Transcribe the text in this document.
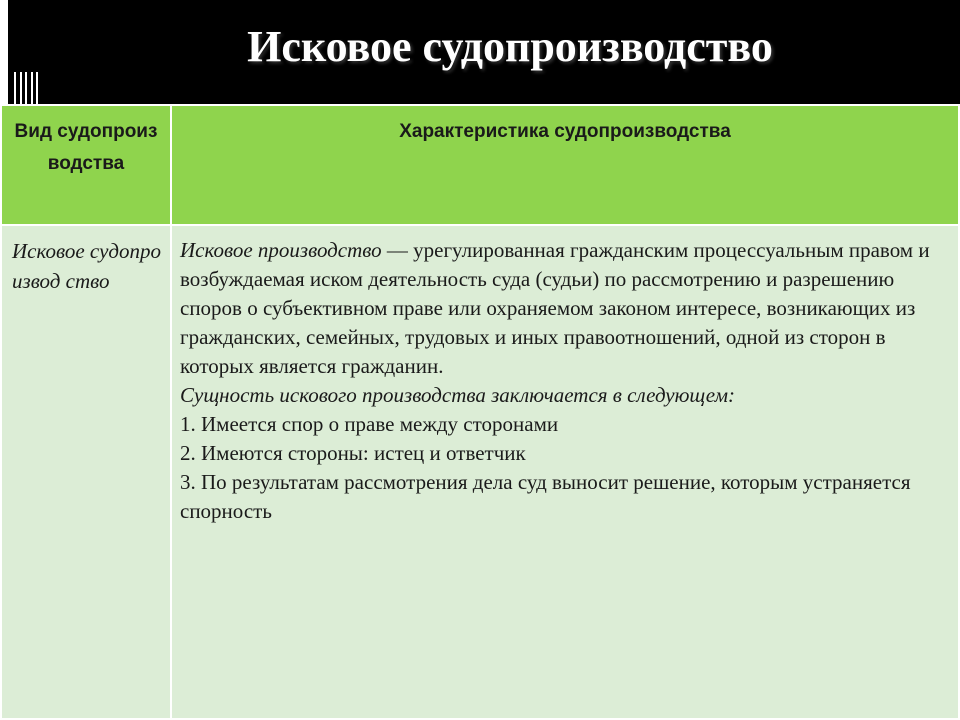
Исковое судопроизводство
Вид судопроиз водства	Характеристика судопроизводства
Исковое судопроизвод ство	Исковое производство — урегулированная гражданским процессуальным правом и возбуждаемая иском деятельность суда (судьи) по рассмотрению и разрешению споров о субъективном праве или охраняемом законом интересе, возникающих из гражданских, семейных, трудовых и иных правоотношений, одной из сторон в которых является гражданин.
Сущность искового производства заключается в следующем:
1. Имеется спор о праве между сторонами
2. Имеются стороны: истец и ответчик
3. По результатам рассмотрения дела суд выносит решение, которым устраняется спорность
